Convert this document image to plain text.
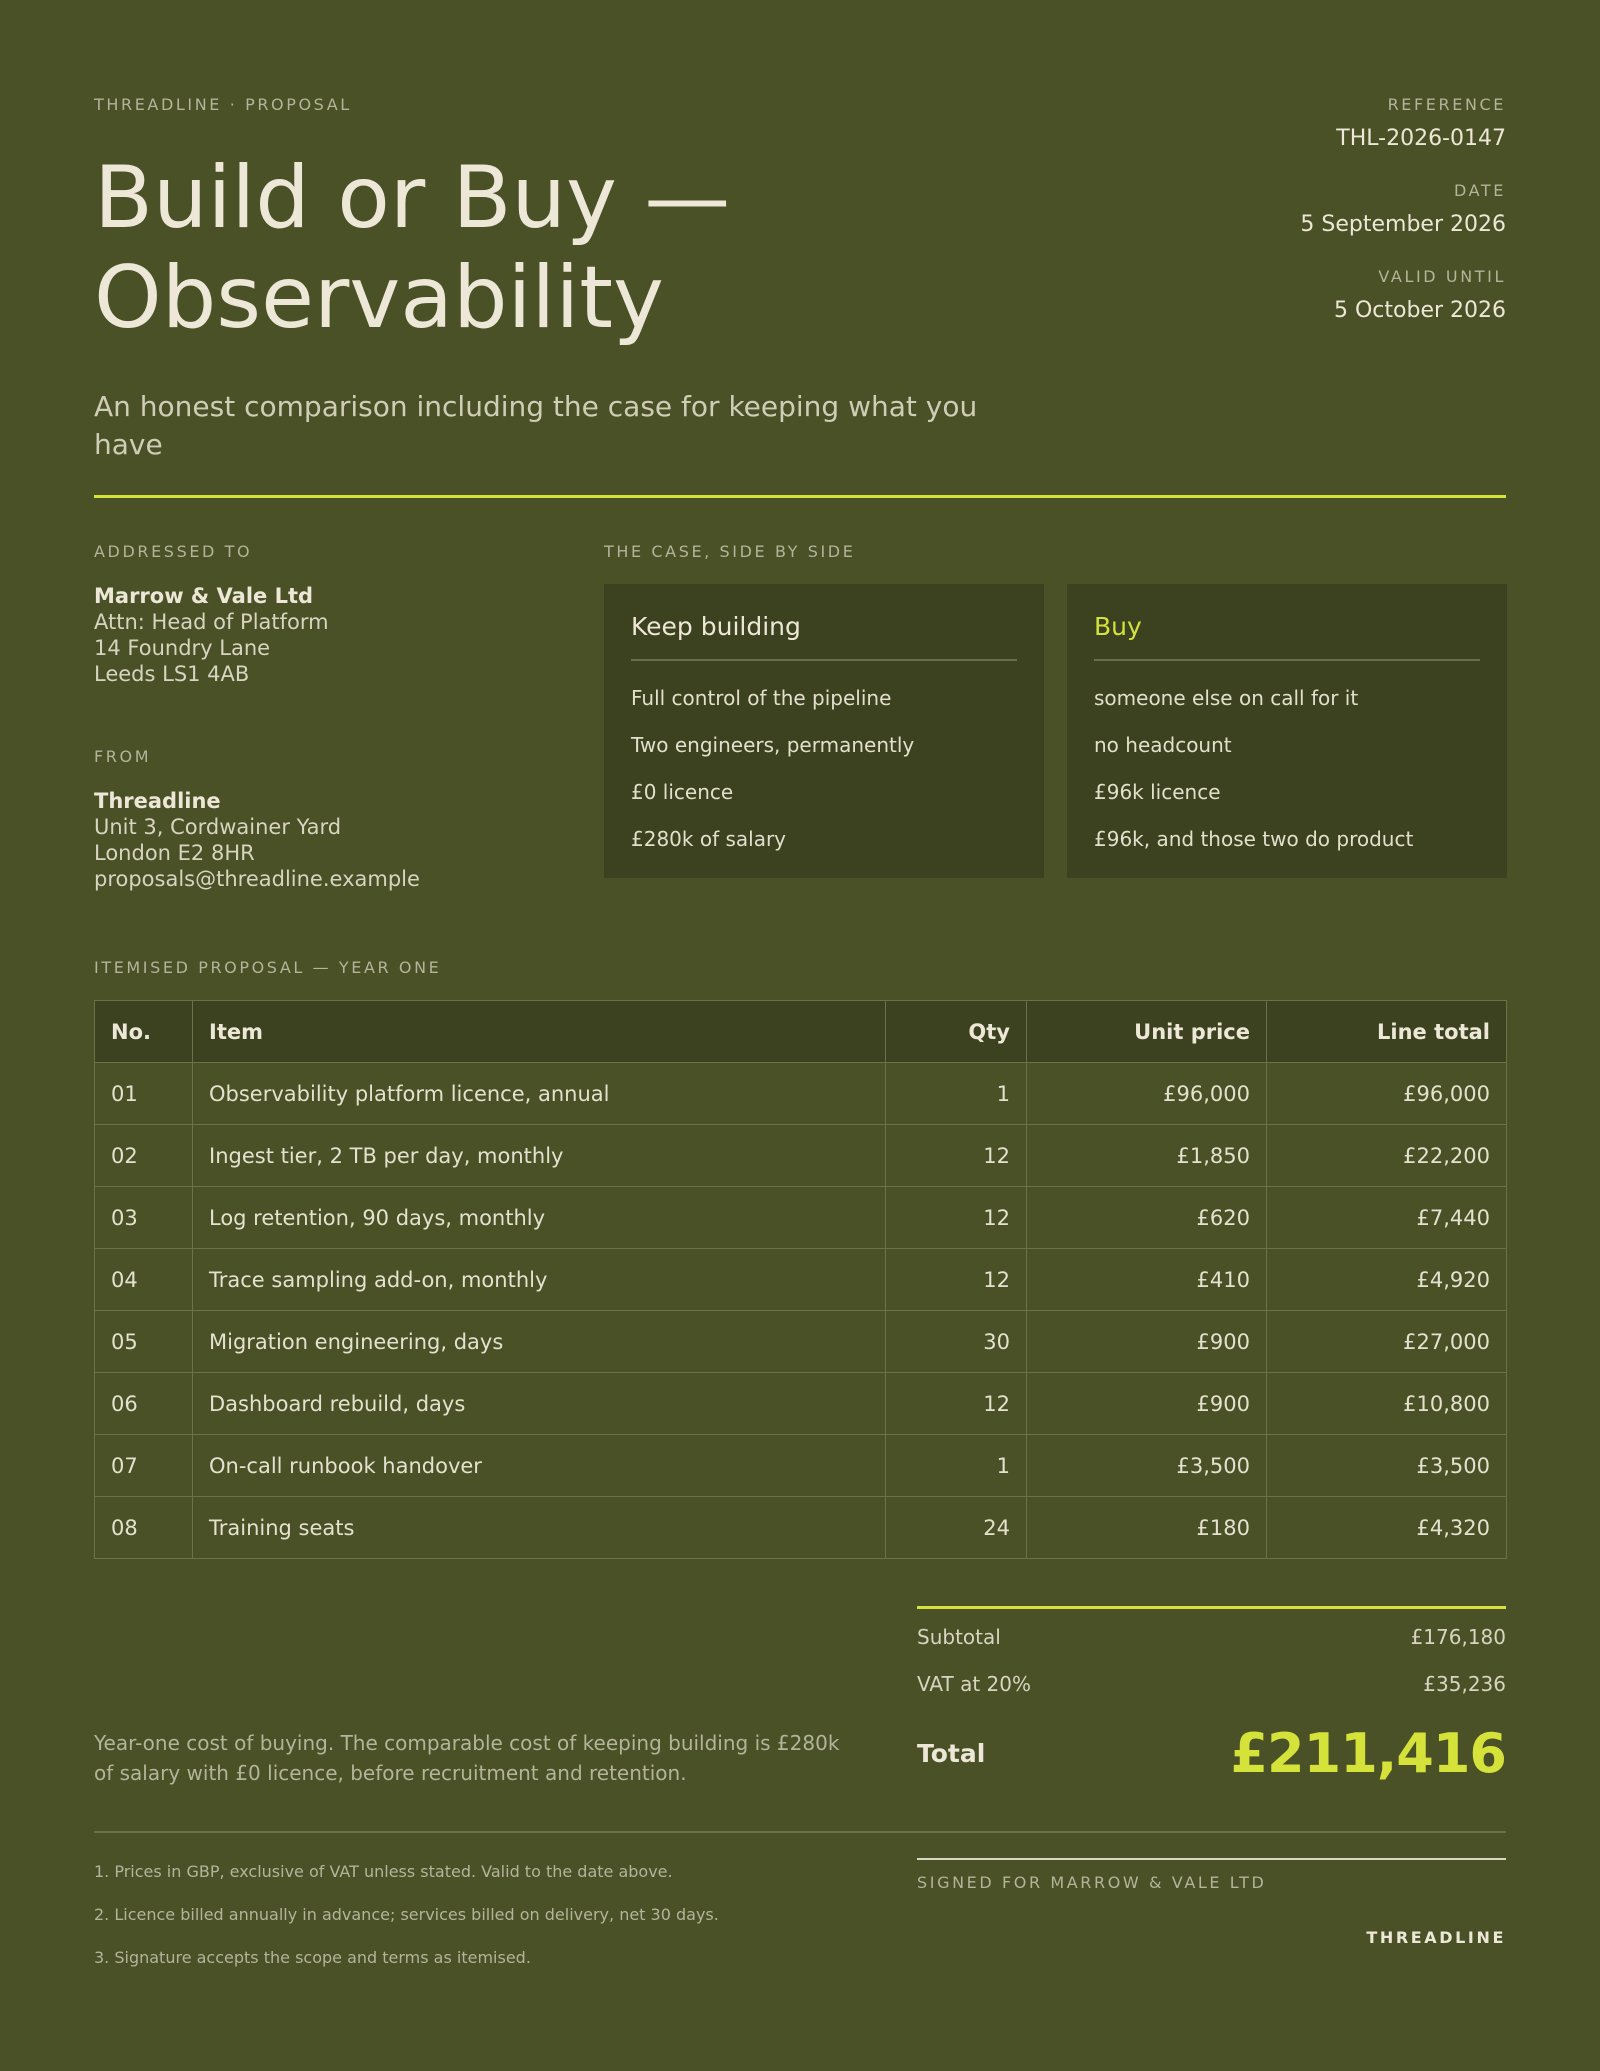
THREADLINE · PROPOSAL
Build or Buy —
Observability
An honest comparison including the case for keeping what you have
REFERENCE
THL-2026-0147
DATE
5 September 2026
VALID UNTIL
5 October 2026
ADDRESSED TO
Marrow & Vale Ltd
Attn: Head of Platform
14 Foundry Lane
Leeds LS1 4AB
FROM
Threadline
Unit 3, Cordwainer Yard
London E2 8HR
proposals@threadline.example
THE CASE, SIDE BY SIDE
Keep building
Full control of the pipeline
Two engineers, permanently
£0 licence
£280k of salary
Buy
someone else on call for it
no headcount
£96k licence
£96k, and those two do product
ITEMISED PROPOSAL — YEAR ONE
No.	Item	Qty	Unit price	Line total
01	Observability platform licence, annual	1	£96,000	£96,000
02	Ingest tier, 2 TB per day, monthly	12	£1,850	£22,200
03	Log retention, 90 days, monthly	12	£620	£7,440
04	Trace sampling add-on, monthly	12	£410	£4,920
05	Migration engineering, days	30	£900	£27,000
06	Dashboard rebuild, days	12	£900	£10,800
07	On-call runbook handover	1	£3,500	£3,500
08	Training seats	24	£180	£4,320
Subtotal	£176,180
VAT at 20%	£35,236
Total	£211,416
Year-one cost of buying. The comparable cost of keeping building is £280k of salary with £0 licence, before recruitment and retention.
1. Prices in GBP, exclusive of VAT unless stated. Valid to the date above.
2. Licence billed annually in advance; services billed on delivery, net 30 days.
3. Signature accepts the scope and terms as itemised.
SIGNED FOR MARROW & VALE LTD
THREADLINE
